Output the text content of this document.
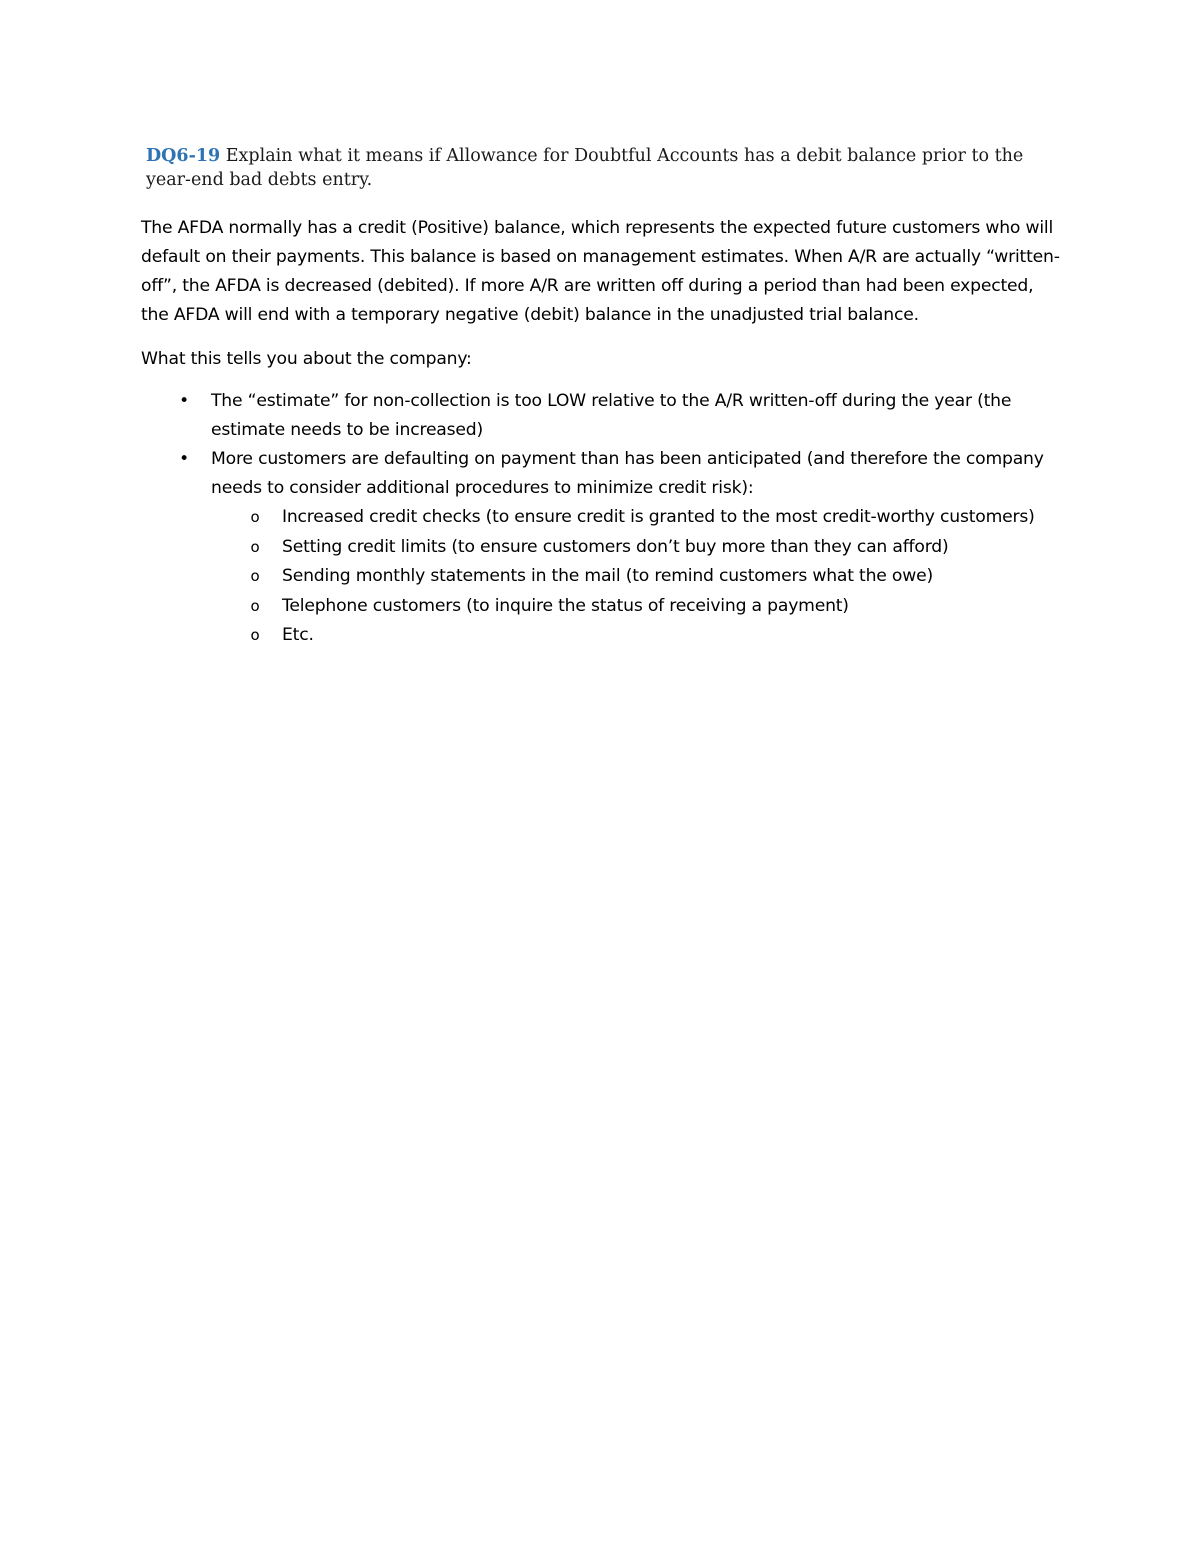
DQ6-19 Explain what it means if Allowance for Doubtful Accounts has a debit balance prior to the year-end bad debts entry.

The AFDA normally has a credit (Positive) balance, which represents the expected future customers who will default on their payments. This balance is based on management estimates. When A/R are actually “written-off”, the AFDA is decreased (debited). If more A/R are written off during a period than had been expected, the AFDA will end with a temporary negative (debit) balance in the unadjusted trial balance.

What this tells you about the company:

• The “estimate” for non-collection is too LOW relative to the A/R written-off during the year (the estimate needs to be increased)
• More customers are defaulting on payment than has been anticipated (and therefore the company needs to consider additional procedures to minimize credit risk):
o	Increased credit checks (to ensure credit is granted to the most credit-worthy customers)
o	Setting credit limits (to ensure customers don’t buy more than they can afford)
o	Sending monthly statements in the mail (to remind customers what the owe)
o	Telephone customers (to inquire the status of receiving a payment)
o	Etc.
